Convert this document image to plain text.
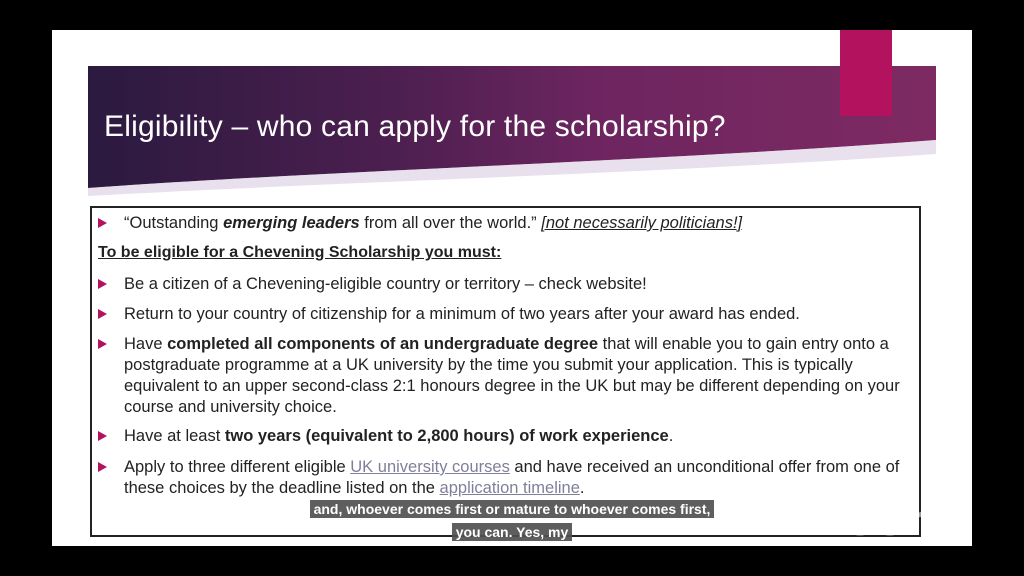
Eligibility – who can apply for the scholarship?
“Outstanding emerging leaders from all over the world.” [not necessarily politicians!]
To be eligible for a Chevening Scholarship you must:
Be a citizen of a Chevening-eligible country or territory – check website!
Return to your country of citizenship for a minimum of two years after your award has ended.
Have completed all components of an undergraduate degree that will enable you to gain entry onto a postgraduate programme at a UK university by the time you submit your application. This is typically equivalent to an upper second-class 2:1 honours degree in the UK but may be different depending on your course and university choice.
Have at least two years (equivalent to 2,800 hours) of work experience.
Apply to three different eligible UK university courses and have received an unconditional offer from one of these choices by the deadline listed on the application timeline.
and, whoever comes first or mature to whoever comes first,
you can. Yes, my	zoom
